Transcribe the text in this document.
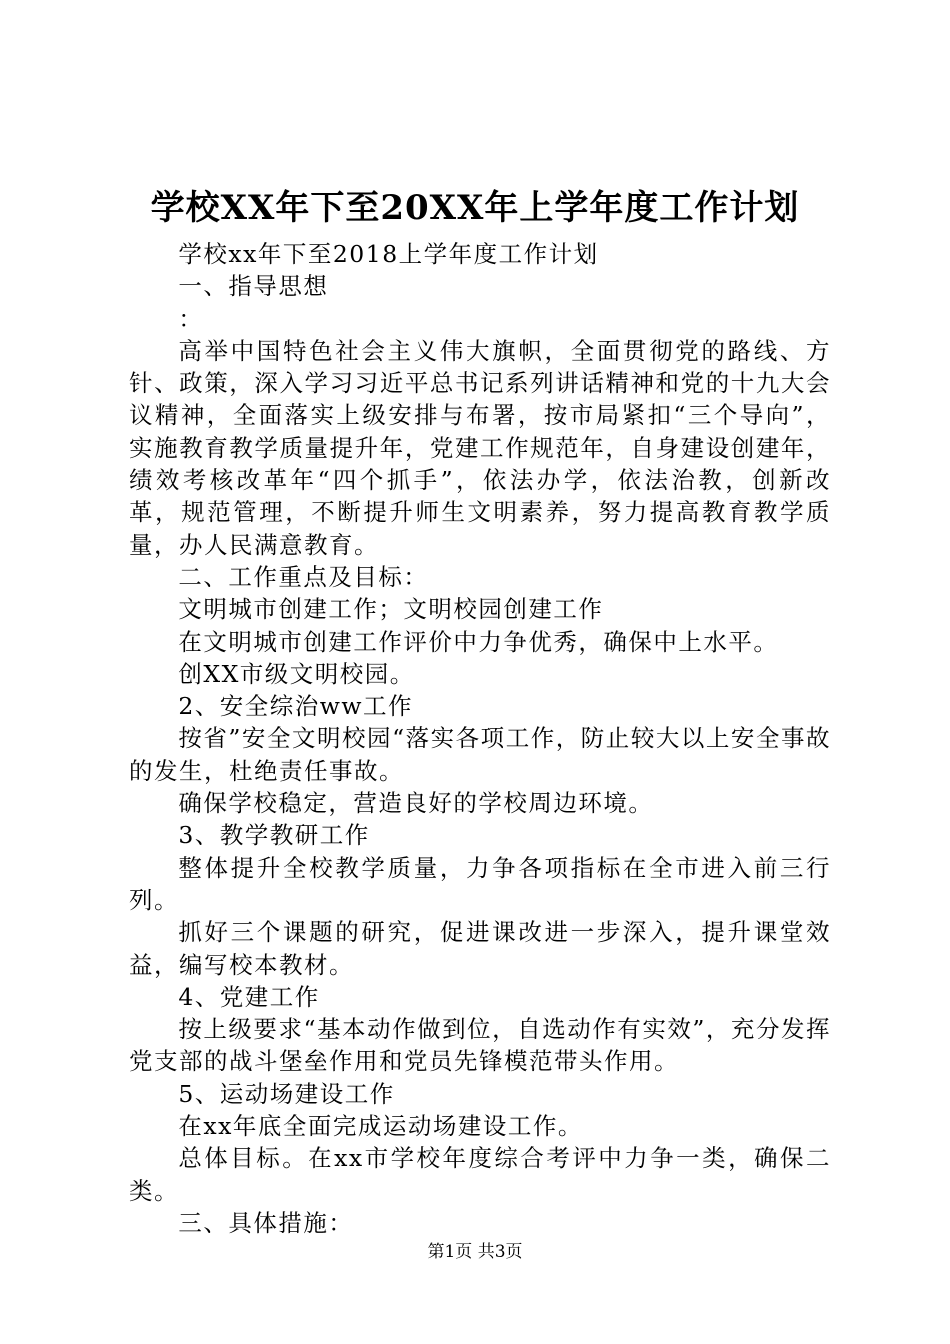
学校XX年下至20XX年上学年度工作计划

学校xx年下至2018上学年度工作计划

一、指导思想

：

高举中国特色社会主义伟大旗帜，全面贯彻党的路线、方针、政策，深入学习习近平总书记系列讲话精神和党的十九大会议精神，全面落实上级安排与布署，按市局紧扣“三个导向”，实施教育教学质量提升年，党建工作规范年，自身建设创建年，绩效考核改革年“四个抓手”，依法办学，依法治教，创新改革，规范管理，不断提升师生文明素养，努力提高教育教学质量，办人民满意教育。

二、工作重点及目标：

文明城市创建工作；文明校园创建工作

在文明城市创建工作评价中力争优秀，确保中上水平。

创XX市级文明校园。

2、安全综治ww工作

按省”安全文明校园“落实各项工作，防止较大以上安全事故的发生，杜绝责任事故。

确保学校稳定，营造良好的学校周边环境。

3、教学教研工作

整体提升全校教学质量，力争各项指标在全市进入前三行列。

抓好三个课题的研究，促进课改进一步深入，提升课堂效益，编写校本教材。

4、党建工作

按上级要求“基本动作做到位，自选动作有实效”，充分发挥党支部的战斗堡垒作用和党员先锋模范带头作用。

5、运动场建设工作

在xx年底全面完成运动场建设工作。

总体目标。在xx市学校年度综合考评中力争一类，确保二类。

三、具体措施：

第1页 共3页
